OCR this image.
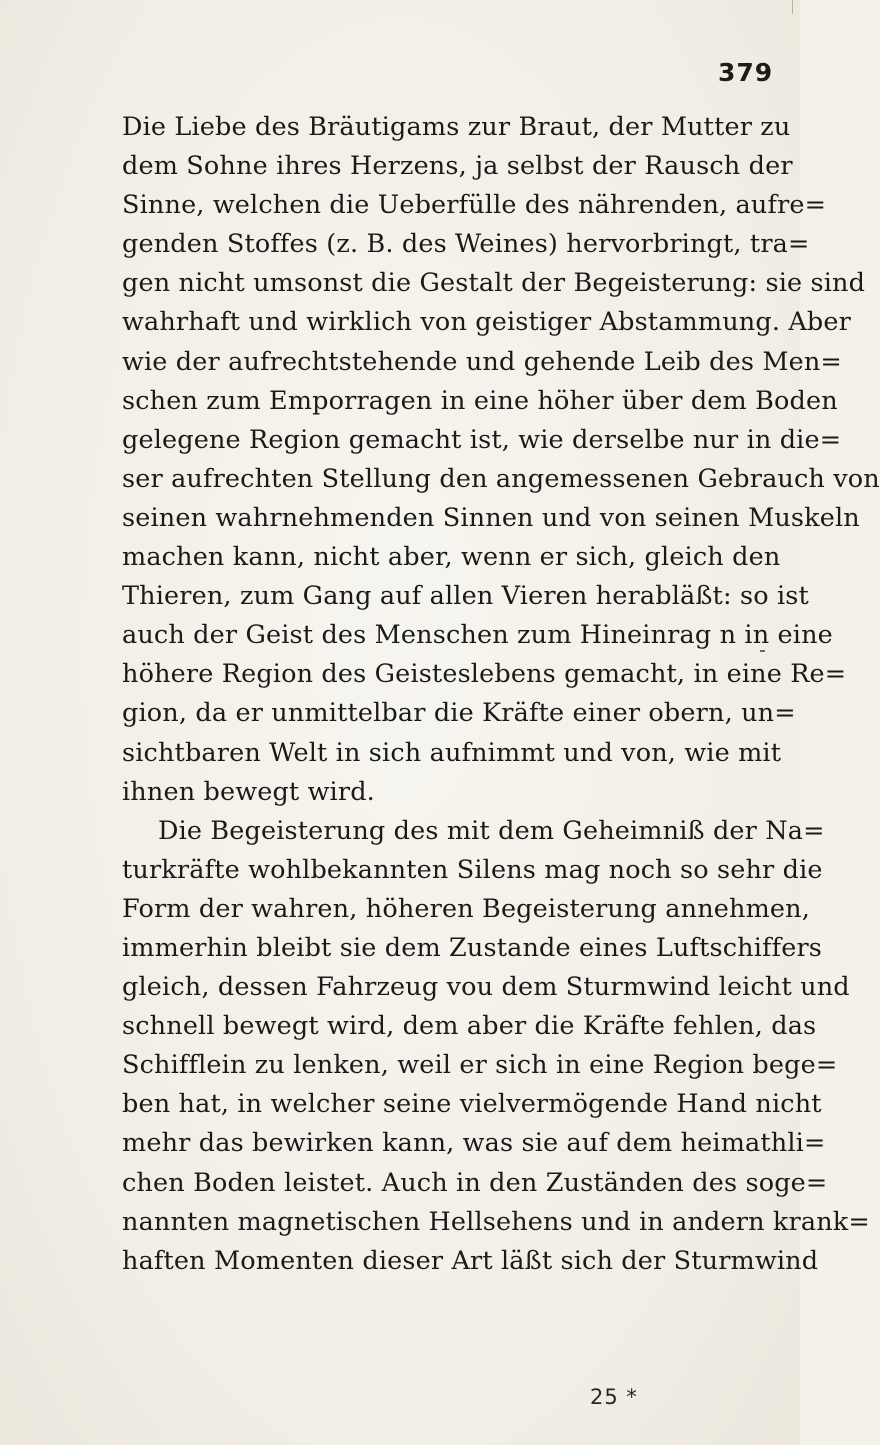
379
Die Liebe des Bräutigams zur Braut, der Mutter zu
dem Sohne ihres Herzens, ja selbst der Rausch der
Sinne, welchen die Ueberfülle des nährenden, aufre=
genden Stoffes (z. B. des Weines) hervorbringt, tra=
gen nicht umsonst die Gestalt der Begeisterung: sie sind
wahrhaft und wirklich von geistiger Abstammung. Aber
wie der aufrechtstehende und gehende Leib des Men=
schen zum Emporragen in eine höher über dem Boden
gelegene Region gemacht ist, wie derselbe nur in die=
ser aufrechten Stellung den angemessenen Gebrauch von
seinen wahrnehmenden Sinnen und von seinen Muskeln
machen kann, nicht aber, wenn er sich, gleich den
Thieren, zum Gang auf allen Vieren herabläßt: so ist
auch der Geist des Menschen zum Hineinrag n in eine
höhere Region des Geisteslebens gemacht, in eine Re=
gion, da er unmittelbar die Kräfte einer obern, un=
sichtbaren Welt in sich aufnimmt und von, wie mit
ihnen bewegt wird.
Die Begeisterung des mit dem Geheimniß der Na=
turkräfte wohlbekannten Silens mag noch so sehr die
Form der wahren, höheren Begeisterung annehmen,
immerhin bleibt sie dem Zustande eines Luftschiffers
gleich, dessen Fahrzeug vou dem Sturmwind leicht und
schnell bewegt wird, dem aber die Kräfte fehlen, das
Schifflein zu lenken, weil er sich in eine Region bege=
ben hat, in welcher seine vielvermögende Hand nicht
mehr das bewirken kann, was sie auf dem heimathli=
chen Boden leistet. Auch in den Zuständen des soge=
nannten magnetischen Hellsehens und in andern krank=
haften Momenten dieser Art läßt sich der Sturmwind
25 *
